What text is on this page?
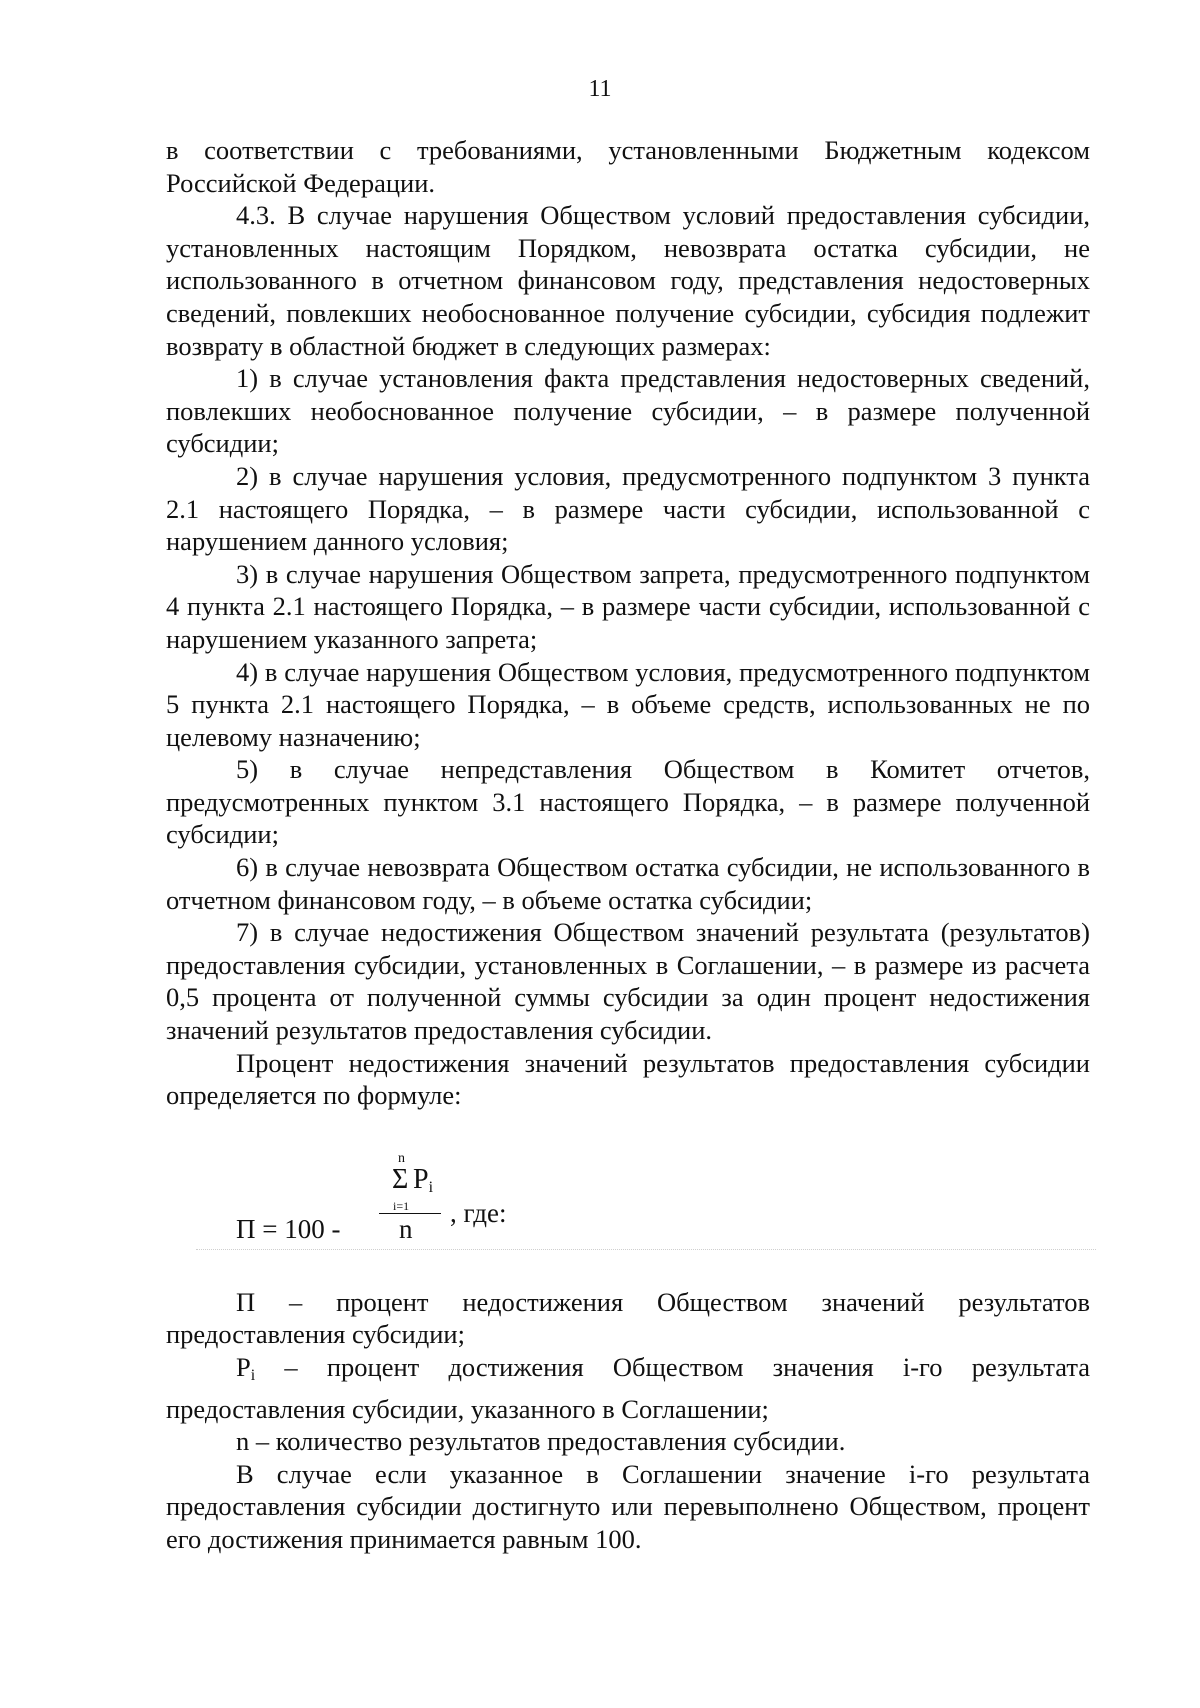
11

в соответствии с требованиями, установленными Бюджетным кодексом Российской Федерации.

4.3. В случае нарушения Обществом условий предоставления субсидии, установленных настоящим Порядком, невозврата остатка субсидии, не использованного в отчетном финансовом году, представления недостоверных сведений, повлекших необоснованное получение субсидии, субсидия подлежит возврату в областной бюджет в следующих размерах:

1) в случае установления факта представления недостоверных сведений, повлекших необоснованное получение субсидии, – в размере полученной субсидии;

2) в случае нарушения условия, предусмотренного подпунктом 3 пункта 2.1 настоящего Порядка, – в размере части субсидии, использованной с нарушением данного условия;

3) в случае нарушения Обществом запрета, предусмотренного подпунктом 4 пункта 2.1 настоящего Порядка, – в размере части субсидии, использованной с нарушением указанного запрета;

4) в случае нарушения Обществом условия, предусмотренного подпунктом 5 пункта 2.1 настоящего Порядка, – в объеме средств, использованных не по целевому назначению;

5) в случае непредставления Обществом в Комитет отчетов, предусмотренных пунктом 3.1 настоящего Порядка, – в размере полученной субсидии;

6) в случае невозврата Обществом остатка субсидии, не использованного в отчетном финансовом году, – в объеме остатка субсидии;

7) в случае недостижения Обществом значений результата (результатов) предоставления субсидии, установленных в Соглашении, – в размере из расчета 0,5 процента от полученной суммы субсидии за один процент недостижения значений результатов предоставления субсидии.

Процент недостижения значений результатов предоставления субсидии определяется по формуле:

П = 100 -
n
Σ $P_i$
i=1
n
, где:

П – процент недостижения Обществом значений результатов предоставления субсидии;

$P_i$ – процент достижения Обществом значения i-го результата предоставления субсидии, указанного в Соглашении;

n – количество результатов предоставления субсидии.

В случае если указанное в Соглашении значение i-го результата предоставления субсидии достигнуто или перевыполнено Обществом, процент его достижения принимается равным 100.
